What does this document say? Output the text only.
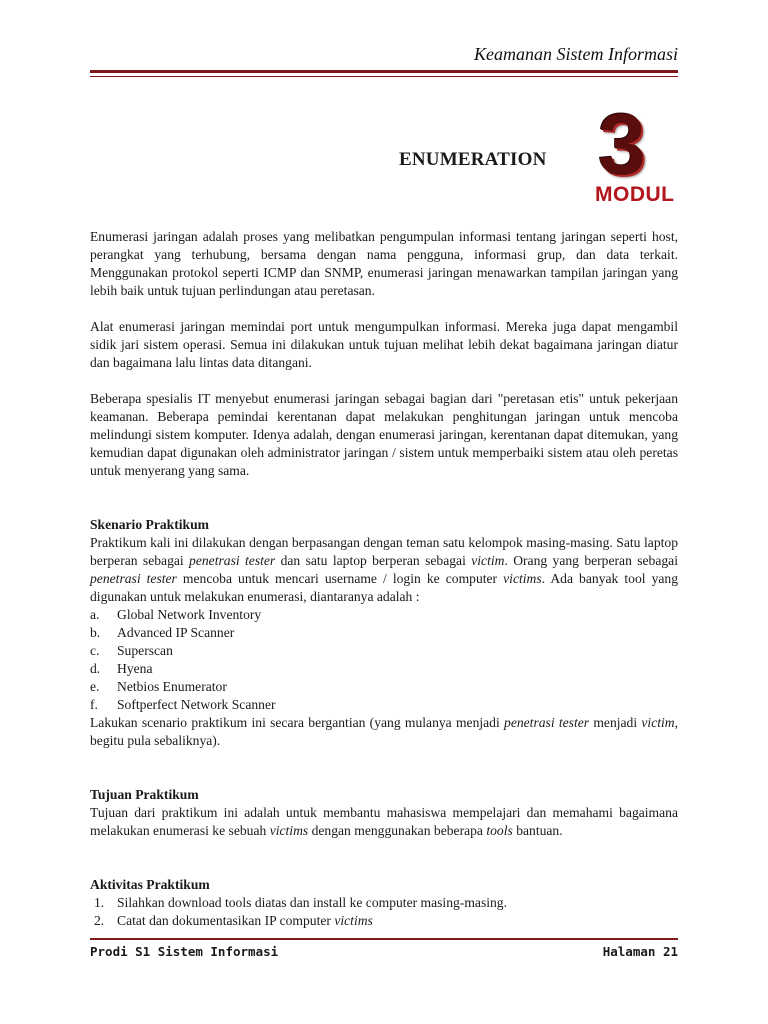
Keamanan Sistem Informasi
ENUMERATION 3
MODUL

Enumerasi jaringan adalah proses yang melibatkan pengumpulan informasi tentang jaringan seperti host, perangkat yang terhubung, bersama dengan nama pengguna, informasi grup, dan data terkait. Menggunakan protokol seperti ICMP dan SNMP, enumerasi jaringan menawarkan tampilan jaringan yang lebih baik untuk tujuan perlindungan atau peretasan.

Alat enumerasi jaringan memindai port untuk mengumpulkan informasi. Mereka juga dapat mengambil sidik jari sistem operasi. Semua ini dilakukan untuk tujuan melihat lebih dekat bagaimana jaringan diatur dan bagaimana lalu lintas data ditangani.

Beberapa spesialis IT menyebut enumerasi jaringan sebagai bagian dari "peretasan etis" untuk pekerjaan keamanan. Beberapa pemindai kerentanan dapat melakukan penghitungan jaringan untuk mencoba melindungi sistem komputer. Idenya adalah, dengan enumerasi jaringan, kerentanan dapat ditemukan, yang kemudian dapat digunakan oleh administrator jaringan / sistem untuk memperbaiki sistem atau oleh peretas untuk menyerang yang sama.

Skenario Praktikum

Praktikum kali ini dilakukan dengan berpasangan dengan teman satu kelompok masing-masing. Satu laptop berperan sebagai penetrasi tester dan satu laptop berperan sebagai victim. Orang yang berperan sebagai penetrasi tester mencoba untuk mencari username / login ke computer victims. Ada banyak tool yang digunakan untuk melakukan enumerasi, diantaranya adalah :

a.	Global Network Inventory
b.	Advanced IP Scanner
c.	Superscan
d.	Hyena
e.	Netbios Enumerator
f.	Softperfect Network Scanner

Lakukan scenario praktikum ini secara bergantian (yang mulanya menjadi penetrasi tester menjadi victim, begitu pula sebaliknya).

Tujuan Praktikum

Tujuan dari praktikum ini adalah untuk membantu mahasiswa mempelajari dan memahami bagaimana melakukan enumerasi ke sebuah victims dengan menggunakan beberapa tools bantuan.

Aktivitas Praktikum
1. Silahkan download tools diatas dan install ke computer masing-masing.
2. Catat dan dokumentasikan IP computer victims
Prodi S1 Sistem Informasi	Halaman 21
